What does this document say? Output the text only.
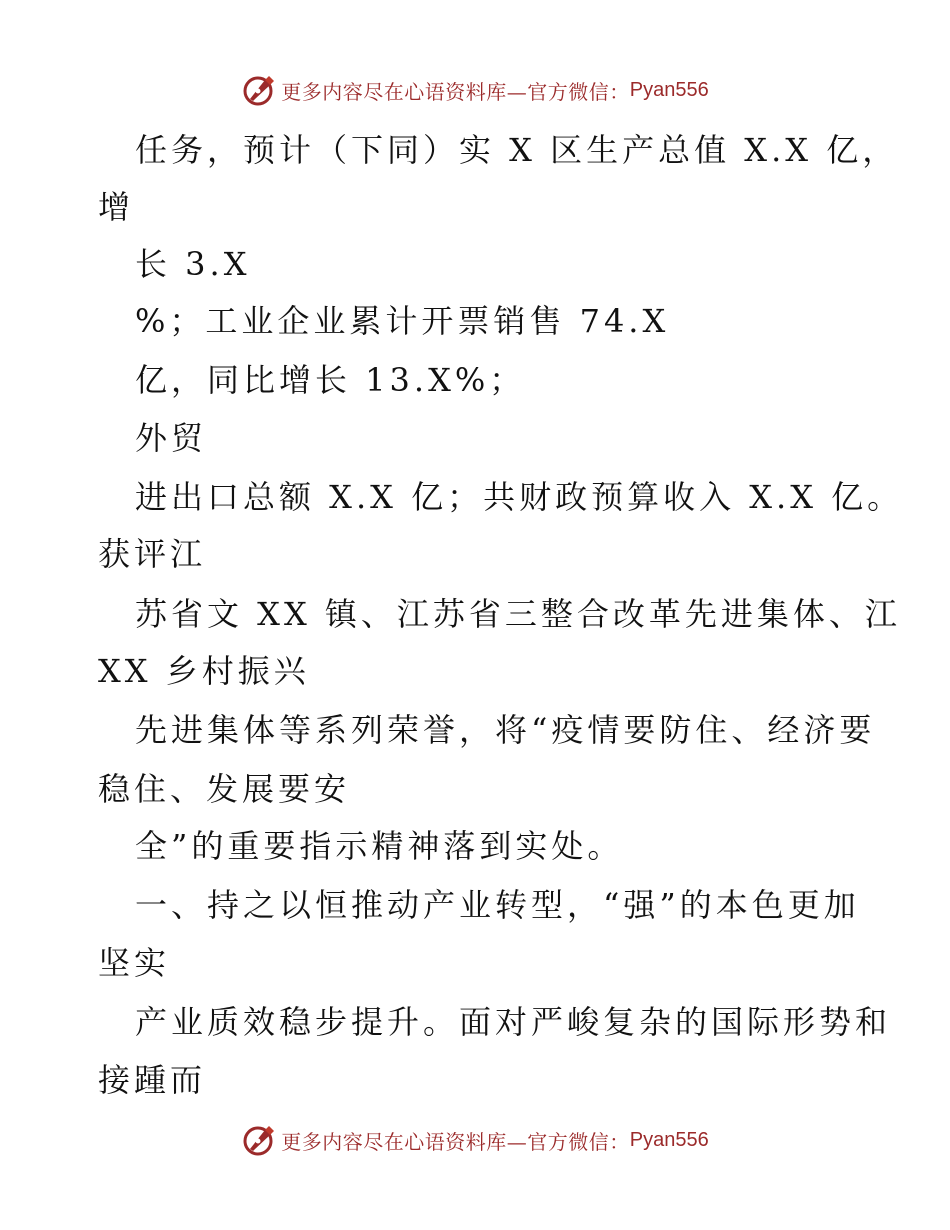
更多内容尽在心语资料库—官方微信： Pyan556
任务，预计（下同）实 X 区生产总值 X.X 亿，
增
长 3.X
%；工业企业累计开票销售 74.X
亿，同比增长 13.X%；
外贸
进出口总额 X.X 亿；共财政预算收入 X.X 亿。
获评江
苏省文 XX 镇、江苏省三整合改革先进集体、江
XX 乡村振兴
先进集体等系列荣誉，将“疫情要防住、经济要
稳住、发展要安
全”的重要指示精神落到实处。
一、持之以恒推动产业转型，“强”的本色更加
坚实
产业质效稳步提升。面对严峻复杂的国际形势和
接踵而
更多内容尽在心语资料库—官方微信： Pyan556
